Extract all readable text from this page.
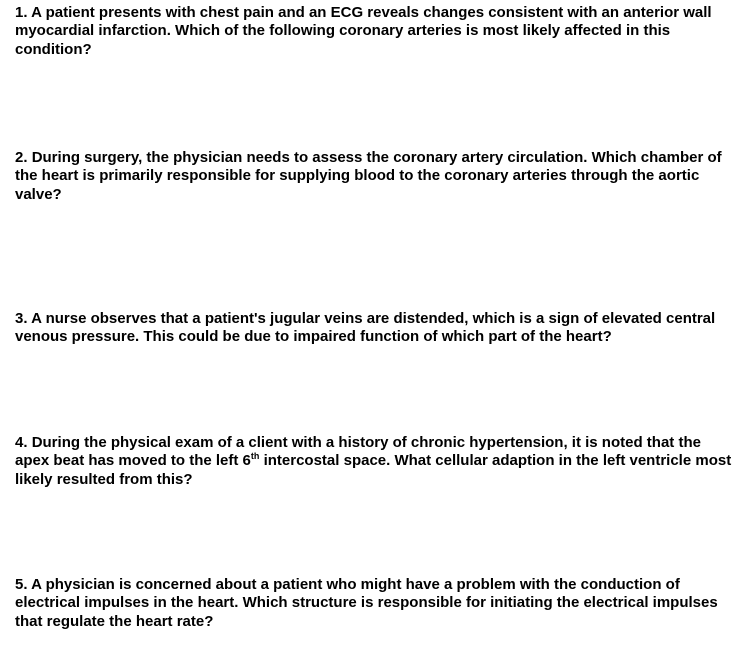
1. A patient presents with chest pain and an ECG reveals changes consistent with an anterior wall myocardial infarction. Which of the following coronary arteries is most likely affected in this condition?

2. During surgery, the physician needs to assess the coronary artery circulation. Which chamber of the heart is primarily responsible for supplying blood to the coronary arteries through the aortic valve?

3. A nurse observes that a patient's jugular veins are distended, which is a sign of elevated central venous pressure. This could be due to impaired function of which part of the heart?

4. During the physical exam of a client with a history of chronic hypertension, it is noted that the apex beat has moved to the left 6th intercostal space. What cellular adaption in the left ventricle most likely resulted from this?

5. A physician is concerned about a patient who might have a problem with the conduction of electrical impulses in the heart. Which structure is responsible for initiating the electrical impulses that regulate the heart rate?
